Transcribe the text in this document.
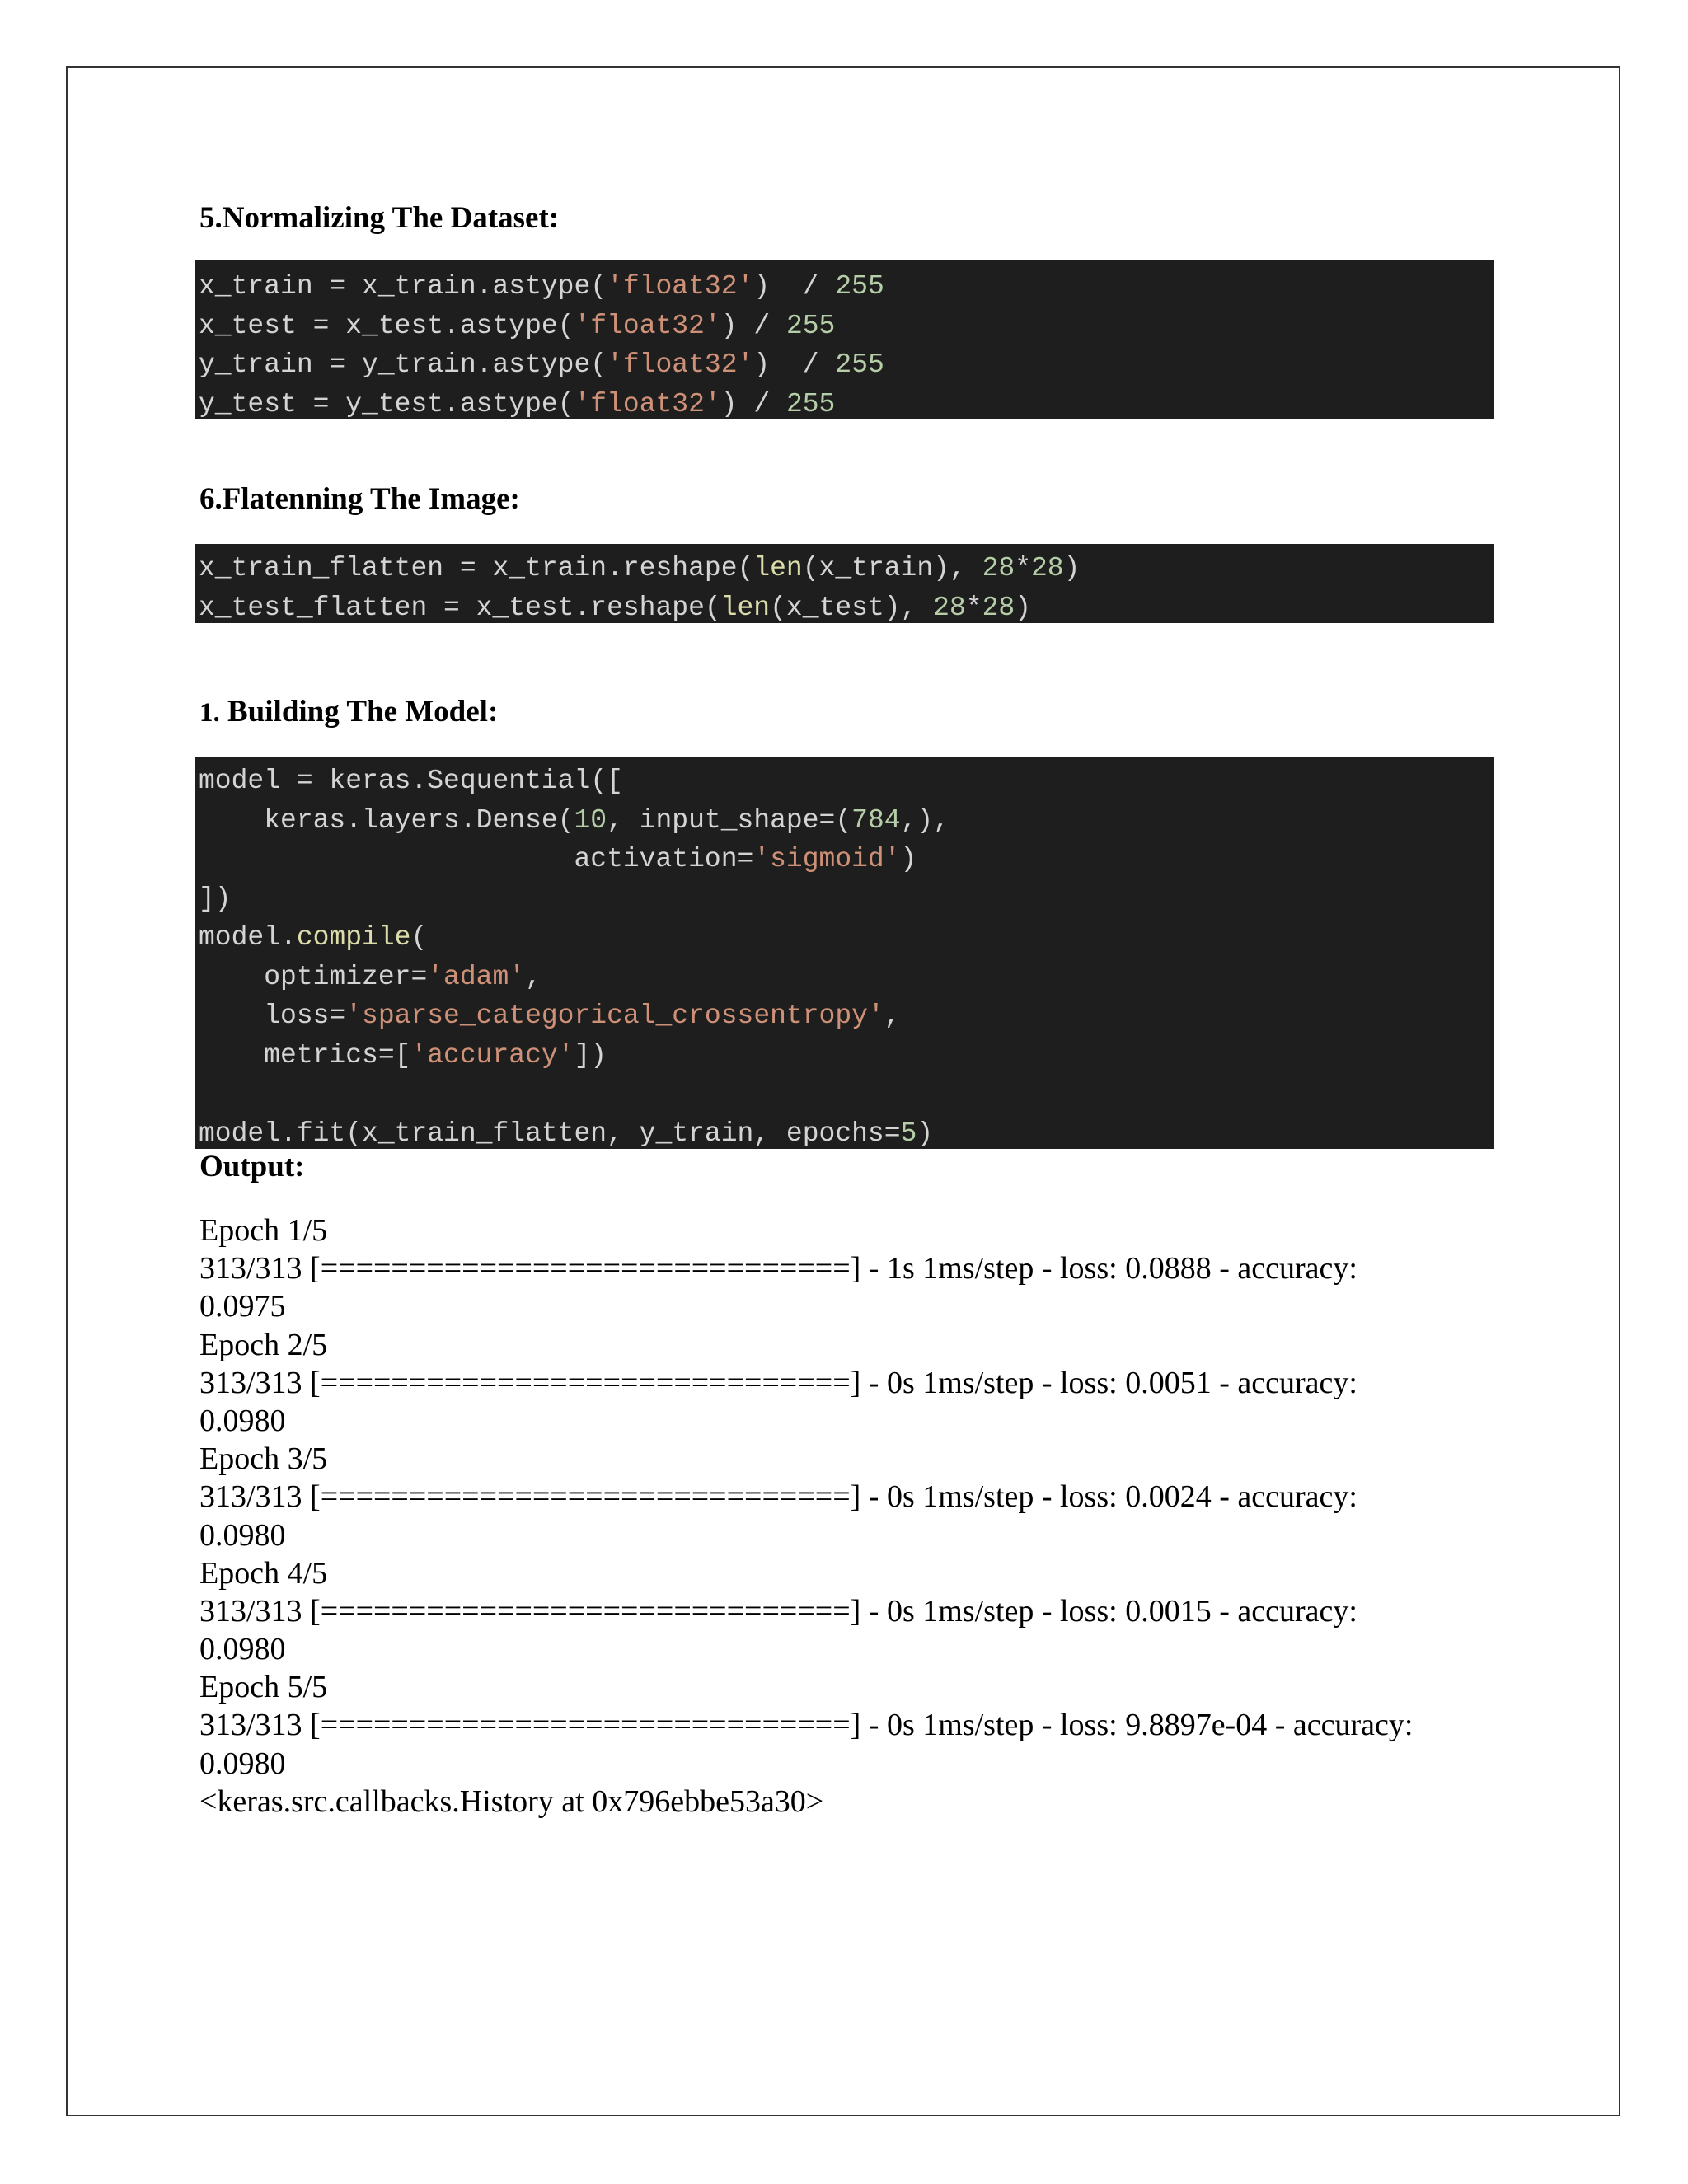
5.Normalizing The Dataset:
x_train = x_train.astype('float32')  / 255
x_test = x_test.astype('float32') / 255
y_train = y_train.astype('float32')  / 255
y_test = y_test.astype('float32') / 255
6.Flatenning The Image:
x_train_flatten = x_train.reshape(len(x_train), 28*28)
x_test_flatten = x_test.reshape(len(x_test), 28*28)
1. Building The Model:
model = keras.Sequential([
keras.layers.Dense(10, input_shape=(784,),
activation='sigmoid')
])
model.compile(
optimizer='adam',
loss='sparse_categorical_crossentropy',
metrics=['accuracy'])
model.fit(x_train_flatten, y_train, epochs=5)
Output:
Epoch 1/5
313/313 [==============================] - 1s 1ms/step - loss: 0.0888 - accuracy:
0.0975
Epoch 2/5
313/313 [==============================] - 0s 1ms/step - loss: 0.0051 - accuracy:
0.0980
Epoch 3/5
313/313 [==============================] - 0s 1ms/step - loss: 0.0024 - accuracy:
0.0980
Epoch 4/5
313/313 [==============================] - 0s 1ms/step - loss: 0.0015 - accuracy:
0.0980
Epoch 5/5
313/313 [==============================] - 0s 1ms/step - loss: 9.8897e-04 - accuracy:
0.0980
<keras.src.callbacks.History at 0x796ebbe53a30>
